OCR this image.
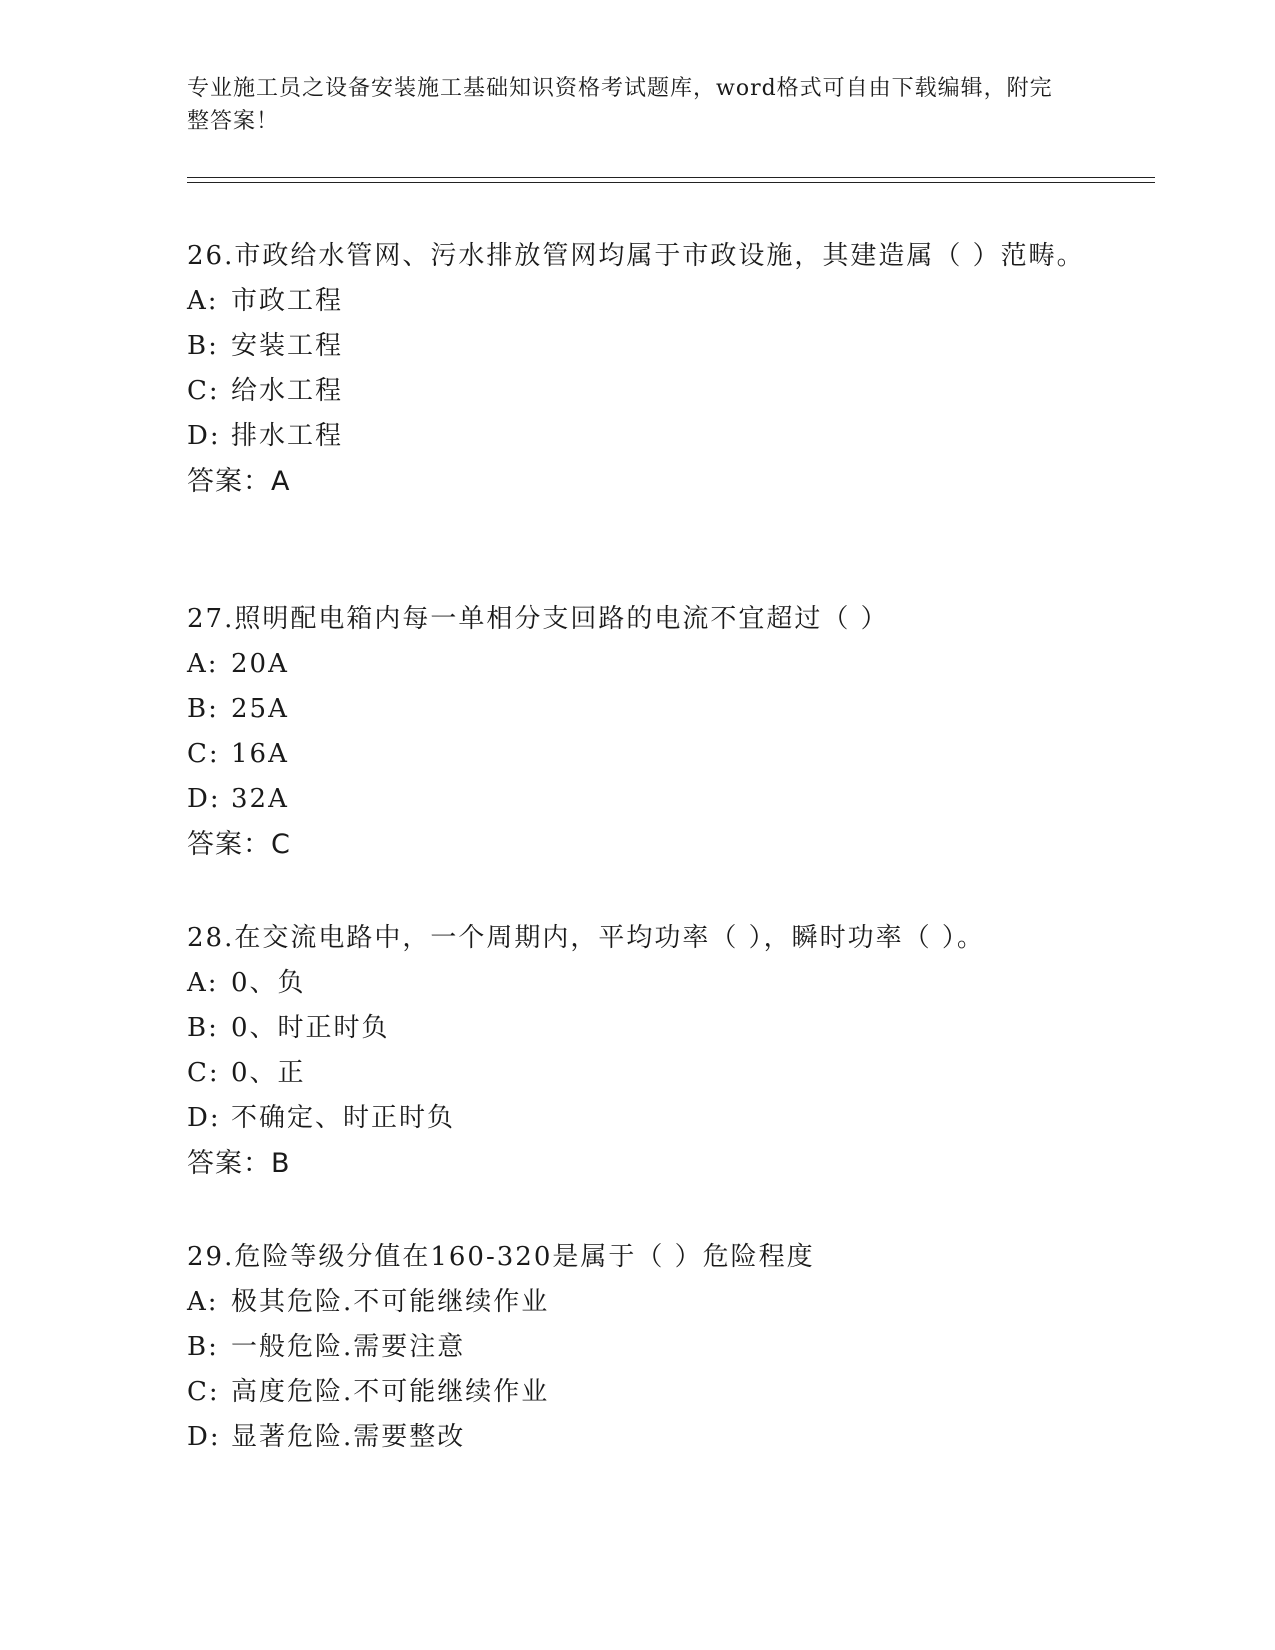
专业施工员之设备安装施工基础知识资格考试题库，word格式可自由下载编辑，附完整答案！

26.市政给水管网、污水排放管网均属于市政设施，其建造属（ ）范畴。

A: 市政工程
B: 安装工程
C: 给水工程
D: 排水工程
答案：A

27.照明配电箱内每一单相分支回路的电流不宜超过（ ）

A: 20A
B: 25A
C: 16A
D: 32A
答案：C

28.在交流电路中，一个周期内，平均功率（ ），瞬时功率（ ）。

A: 0、负
B: 0、时正时负
C: 0、正
D: 不确定、时正时负
答案：B

29.危险等级分值在160-320是属于（ ）危险程度

A: 极其危险.不可能继续作业
B: 一般危险.需要注意
C: 高度危险.不可能继续作业
D: 显著危险.需要整改
